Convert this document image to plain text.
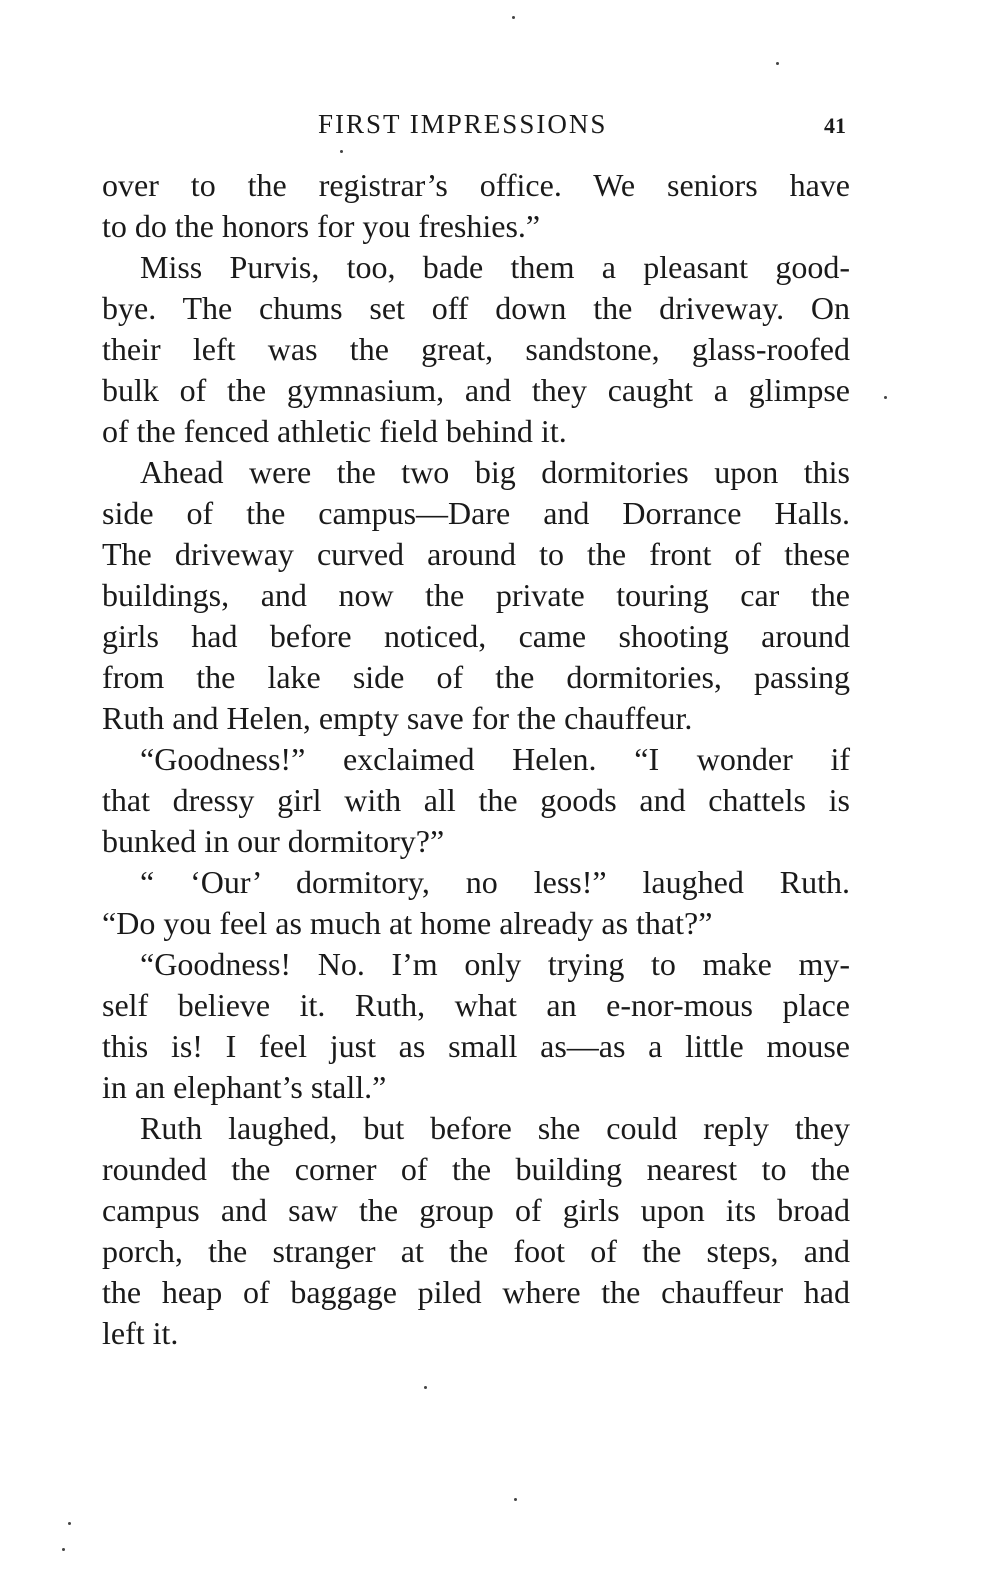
FIRST IMPRESSIONS	41
over to the registrar’s office. We seniors have
to do the honors for you freshies.”
Miss Purvis, too, bade them a pleasant good-
bye. The chums set off down the driveway. On
their left was the great, sandstone, glass-roofed
bulk of the gymnasium, and they caught a glimpse
of the fenced athletic field behind it.
Ahead were the two big dormitories upon this
side of the campus—Dare and Dorrance Halls.
The driveway curved around to the front of these
buildings, and now the private touring car the
girls had before noticed, came shooting around
from the lake side of the dormitories, passing
Ruth and Helen, empty save for the chauffeur.
“Goodness!” exclaimed Helen. “I wonder if
that dressy girl with all the goods and chattels is
bunked in our dormitory?”
“ ‘Our’ dormitory, no less!” laughed Ruth.
“Do you feel as much at home already as that?”
“Goodness! No. I’m only trying to make my-
self believe it. Ruth, what an e-nor-mous place
this is! I feel just as small as—as a little mouse
in an elephant’s stall.”
Ruth laughed, but before she could reply they
rounded the corner of the building nearest to the
campus and saw the group of girls upon its broad
porch, the stranger at the foot of the steps, and
the heap of baggage piled where the chauffeur had
left it.
